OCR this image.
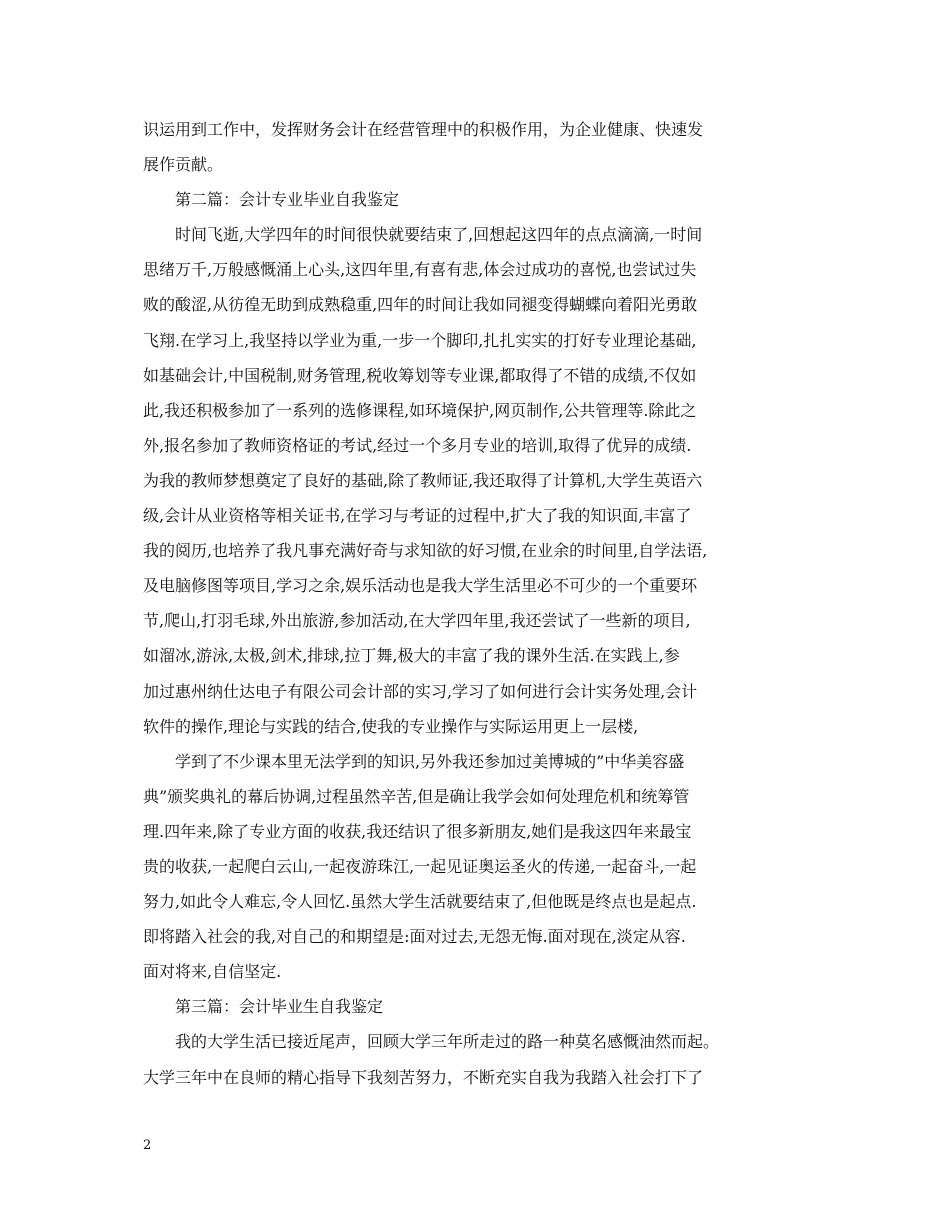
识运用到工作中，发挥财务会计在经营管理中的积极作用，为企业健康、快速发
展作贡献。
第二篇：会计专业毕业自我鉴定
时间飞逝,大学四年的时间很快就要结束了,回想起这四年的点点滴滴,一时间
思绪万千,万般感慨涌上心头,这四年里,有喜有悲,体会过成功的喜悦,也尝试过失
败的酸涩,从彷徨无助到成熟稳重,四年的时间让我如同褪变得蝴蝶向着阳光勇敢
飞翔.在学习上,我坚持以学业为重,一步一个脚印,扎扎实实的打好专业理论基础,
如基础会计,中国税制,财务管理,税收筹划等专业课,都取得了不错的成绩,不仅如
此,我还积极参加了一系列的选修课程,如环境保护,网页制作,公共管理等.除此之
外,报名参加了教师资格证的考试,经过一个多月专业的培训,取得了优异的成绩.
为我的教师梦想奠定了良好的基础,除了教师证,我还取得了计算机,大学生英语六
级,会计从业资格等相关证书,在学习与考证的过程中,扩大了我的知识面,丰富了
我的阅历,也培养了我凡事充满好奇与求知欲的好习惯,在业余的时间里,自学法语,
及电脑修图等项目,学习之余,娱乐活动也是我大学生活里必不可少的一个重要环
节,爬山,打羽毛球,外出旅游,参加活动,在大学四年里,我还尝试了一些新的项目,
如溜冰,游泳,太极,剑术,排球,拉丁舞,极大的丰富了我的课外生活.在实践上,参
加过惠州纳仕达电子有限公司会计部的实习,学习了如何进行会计实务处理,会计
软件的操作,理论与实践的结合,使我的专业操作与实际运用更上一层楼,
学到了不少课本里无法学到的知识,另外我还参加过美博城的”中华美容盛
典”颁奖典礼的幕后协调,过程虽然辛苦,但是确让我学会如何处理危机和统筹管
理.四年来,除了专业方面的收获,我还结识了很多新朋友,她们是我这四年来最宝
贵的收获,一起爬白云山,一起夜游珠江,一起见证奥运圣火的传递,一起奋斗,一起
努力,如此令人难忘,令人回忆.虽然大学生活就要结束了,但他既是终点也是起点.
即将踏入社会的我,对自己的和期望是:面对过去,无怨无悔.面对现在,淡定从容.
面对将来,自信坚定.
第三篇：会计毕业生自我鉴定
我的大学生活已接近尾声，回顾大学三年所走过的路一种莫名感慨油然而起。
大学三年中在良师的精心指导下我刻苦努力，不断充实自我为我踏入社会打下了
2
